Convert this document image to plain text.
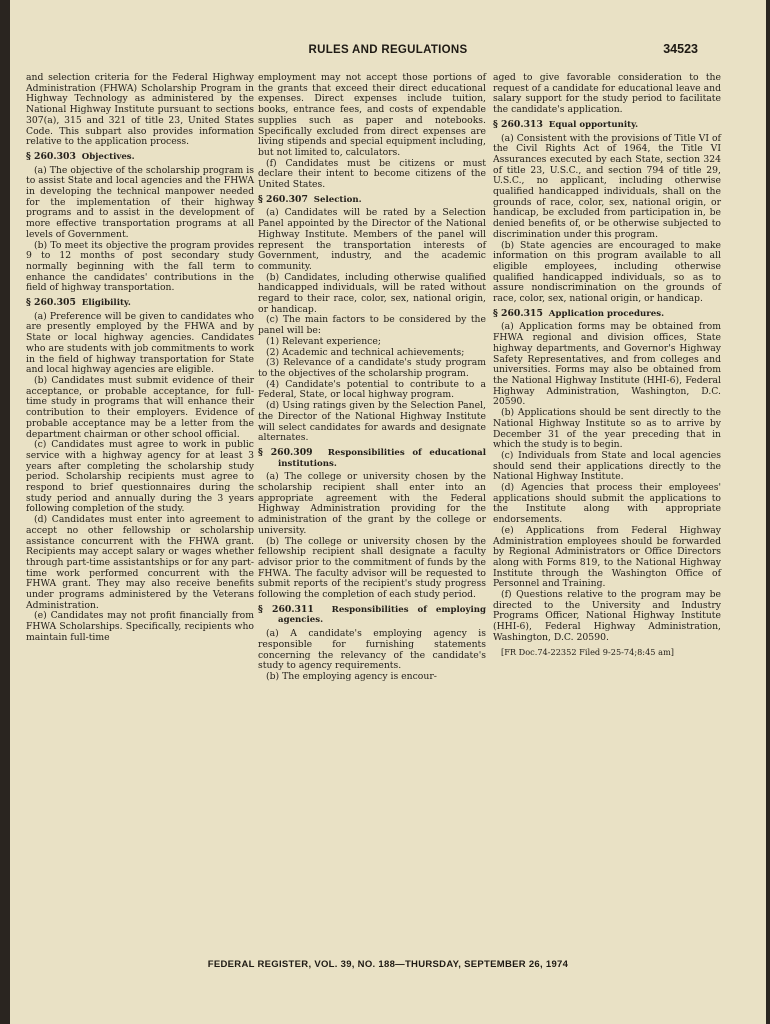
RULES AND REGULATIONS	34523

and selection criteria for the Federal Highway Administration (FHWA) Scholarship Program in Highway Technology as administered by the National Highway Institute pursuant to sections 307(a), 315 and 321 of title 23, United States Code. This subpart also provides information relative to the application process.

§ 260.303 Objectives.

(a) The objective of the scholarship program is to assist State and local agencies and the FHWA in developing the technical manpower needed for the implementation of their highway programs and to assist in the development of more effective transportation programs at all levels of Government.

(b) To meet its objective the program provides 9 to 12 months of post secondary study normally beginning with the fall term to enhance the candidates' contributions in the field of highway transportation.

§ 260.305 Eligibility.

(a) Preference will be given to candidates who are presently employed by the FHWA and by State or local highway agencies. Candidates who are students with job commitments to work in the field of highway transportation for State and local highway agencies are eligible.

(b) Candidates must submit evidence of their acceptance, or probable acceptance, for full-time study in programs that will enhance their contribution to their employers. Evidence of probable acceptance may be a letter from the department chairman or other school official.

(c) Candidates must agree to work in public service with a highway agency for at least 3 years after completing the scholarship study period. Scholarship recipients must agree to respond to brief questionnaires during the study period and annually during the 3 years following completion of the study.

(d) Candidates must enter into agreement to accept no other fellowship or scholarship assistance concurrent with the FHWA grant. Recipients may accept salary or wages whether through part-time assistantships or for any part-time work performed concurrent with the FHWA grant. They may also receive benefits under programs administered by the Veterans Administration.

(e) Candidates may not profit financially from FHWA Scholarships. Specifically, recipients who maintain full-time

employment may not accept those portions of the grants that exceed their direct educational expenses. Direct expenses include tuition, books, entrance fees, and costs of expendable supplies such as paper and notebooks. Specifically excluded from direct expenses are living stipends and special equipment including, but not limited to, calculators.

(f) Candidates must be citizens or must declare their intent to become citizens of the United States.

§ 260.307 Selection.

(a) Candidates will be rated by a Selection Panel appointed by the Director of the National Highway Institute. Members of the panel will represent the transportation interests of Government, industry, and the academic community.

(b) Candidates, including otherwise qualified handicapped individuals, will be rated without regard to their race, color, sex, national origin, or handicap.

(c) The main factors to be considered by the panel will be:

(1) Relevant experience;

(2) Academic and technical achievements;

(3) Relevance of a candidate's study program to the objectives of the scholarship program.

(4) Candidate's potential to contribute to a Federal, State, or local highway program.

(d) Using ratings given by the Selection Panel, the Director of the National Highway Institute will select candidates for awards and designate alternates.

§ 260.309 Responsibilities of educational institutions.

(a) The college or university chosen by the scholarship recipient shall enter into an appropriate agreement with the Federal Highway Administration providing for the administration of the grant by the college or university.

(b) The college or university chosen by the fellowship recipient shall designate a faculty advisor prior to the commitment of funds by the FHWA. The faculty advisor will be requested to submit reports of the recipient's study progress following the completion of each study period.

§ 260.311 Responsibilities of employing agencies.

(a) A candidate's employing agency is responsible for furnishing statements concerning the relevancy of the candidate's study to agency requirements.

(b) The employing agency is encour-

aged to give favorable consideration to the request of a candidate for educational leave and salary support for the study period to facilitate the candidate's application.

§ 260.313 Equal opportunity.

(a) Consistent with the provisions of Title VI of the Civil Rights Act of 1964, the Title VI Assurances executed by each State, section 324 of title 23, U.S.C., and section 794 of title 29, U.S.C., no applicant, including otherwise qualified handicapped individuals, shall on the grounds of race, color, sex, national origin, or handicap, be excluded from participation in, be denied benefits of, or be otherwise subjected to discrimination under this program.

(b) State agencies are encouraged to make information on this program available to all eligible employees, including otherwise qualified handicapped individuals, so as to assure nondiscrimination on the grounds of race, color, sex, national origin, or handicap.

§ 260.315 Application procedures.

(a) Application forms may be obtained from FHWA regional and division offices, State highway departments, and Governor's Highway Safety Representatives, and from colleges and universities. Forms may also be obtained from the National Highway Institute (HHI-6), Federal Highway Administration, Washington, D.C. 20590.

(b) Applications should be sent directly to the National Highway Institute so as to arrive by December 31 of the year preceding that in which the study is to begin.

(c) Individuals from State and local agencies should send their applications directly to the National Highway Institute.

(d) Agencies that process their employees' applications should submit the applications to the Institute along with appropriate endorsements.

(e) Applications from Federal Highway Administration employees should be forwarded by Regional Administrators or Office Directors along with Forms 819, to the National Highway Institute through the Washington Office of Personnel and Training.

(f) Questions relative to the program may be directed to the University and Industry Programs Officer, National Highway Institute (HHI-6), Federal Highway Administration, Washington, D.C. 20590.

[FR Doc.74-22352 Filed 9-25-74;8:45 am]

FEDERAL REGISTER, VOL. 39, NO. 188—THURSDAY, SEPTEMBER 26, 1974
